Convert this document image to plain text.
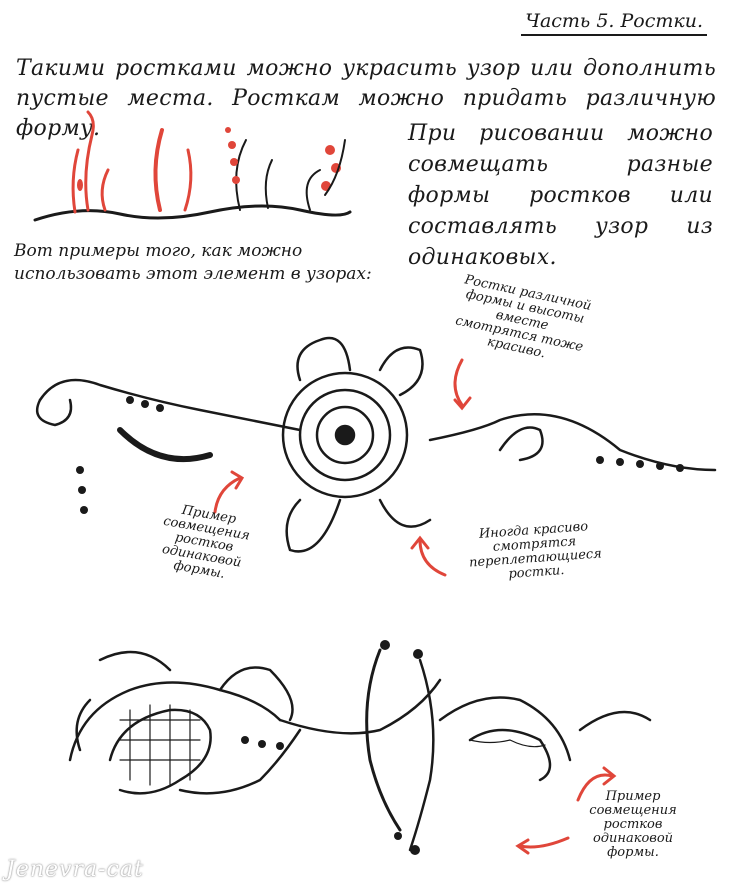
Часть 5. Ростки.
Такими ростками можно украсить узор или дополнить пустые места. Росткам можно придать различную форму.	При рисовании можно совмещать разные формы ростков или составлять узор из одинаковых.
Вот примеры того, как можно использовать этот элемент в узорах:	Ростки различной формы и высоты вместе смотрятся тоже красиво.
Пример совмещения ростков одинаковой формы.
Иногда красиво смотрятся переплетающиеся ростки.
Пример совмещения ростков одинаковой формы.
Jenevra-cat
